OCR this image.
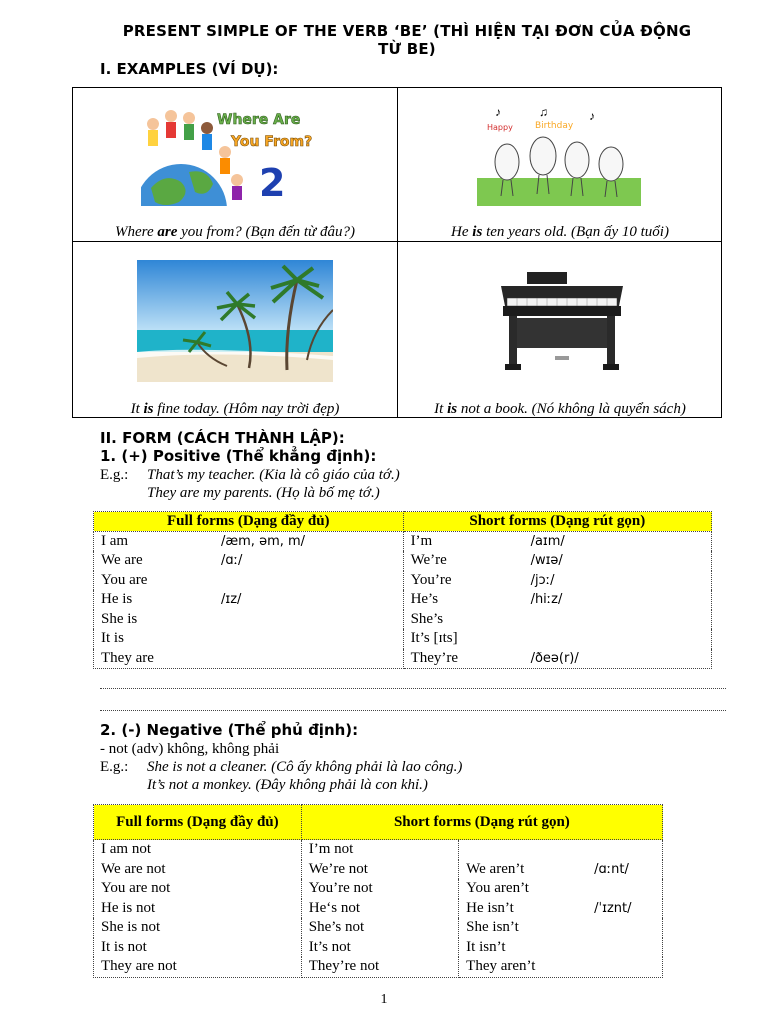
PRESENT SIMPLE OF THE VERB ‘BE’ (THÌ HIỆN TẠI ĐƠN CỦA ĐỘNG TỪ BE)
I. EXAMPLES (VÍ DỤ):
Where Are
You From?
2
Where are you from? (Bạn đến từ đâu?)
Happy Birthday
♪	♫	♪
He is ten years old. (Bạn ấy 10 tuổi)
It is fine today. (Hôm nay trời đẹp)	It is not a book. (Nó không là quyển sách)
II. FORM (CÁCH THÀNH LẬP):
1. (+) Positive (Thể khẳng định):
E.g.: That’s my teacher. (Kia là cô giáo của tớ.)
They are my parents. (Họ là bố mẹ tớ.)
Full forms (Dạng đầy đủ)	Short forms (Dạng rút gọn)
I am /æm, əm, m/	I’m /aɪm/
We are /ɑː/	We’re /wɪə/
You are	You’re /jɔː/
He is /ɪz/	He’s /hiːz/
She is	She’s
It is	It’s [ɪts]
They are	They’re /ðeə(r)/
2. (-) Negative (Thể phủ định):
- not (adv) không, không phải
E.g.: She is not a cleaner. (Cô ấy không phải là lao công.)
It’s not a monkey. (Đây không phải là con khỉ.)
Full forms (Dạng đầy đủ)	Short forms (Dạng rút gọn)	
I am not	I’m not	
We are not	We’re not	We aren’t /ɑːnt/
You are not	You’re not	You aren’t
He is not	He‘s not	He isn’t /ˈɪznt/
She is not	She’s not	She isn’t
It is not	It’s not	It isn’t
They are not	They’re not	They aren’t
1
